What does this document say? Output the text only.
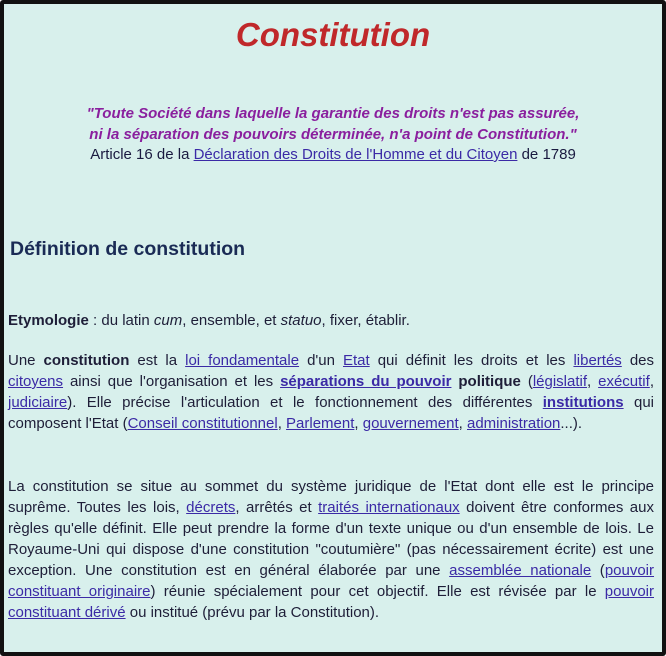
Constitution
"Toute Société dans laquelle la garantie des droits n'est pas assurée,
ni la séparation des pouvoirs déterminée, n'a point de Constitution."
Article 16 de la Déclaration des Droits de l'Homme et du Citoyen de 1789
Définition de constitution
Etymologie : du latin cum, ensemble, et statuo, fixer, établir.
Une constitution est la loi fondamentale d'un Etat qui définit les droits et les libertés des citoyens ainsi que l'organisation et les séparations du pouvoir politique (législatif, exécutif, judiciaire). Elle précise l'articulation et le fonctionnement des différentes institutions qui composent l'Etat (Conseil constitutionnel, Parlement, gouvernement, administration...).
La constitution se situe au sommet du système juridique de l'Etat dont elle est le principe suprême. Toutes les lois, décrets, arrêtés et traités internationaux doivent être conformes aux règles qu'elle définit. Elle peut prendre la forme d'un texte unique ou d'un ensemble de lois. Le Royaume-Uni qui dispose d'une constitution "coutumière" (pas nécessairement écrite) est une exception. Une constitution est en général élaborée par une assemblée nationale (pouvoir constituant originaire) réunie spécialement pour cet objectif. Elle est révisée par le pouvoir constituant dérivé ou institué (prévu par la Constitution).
